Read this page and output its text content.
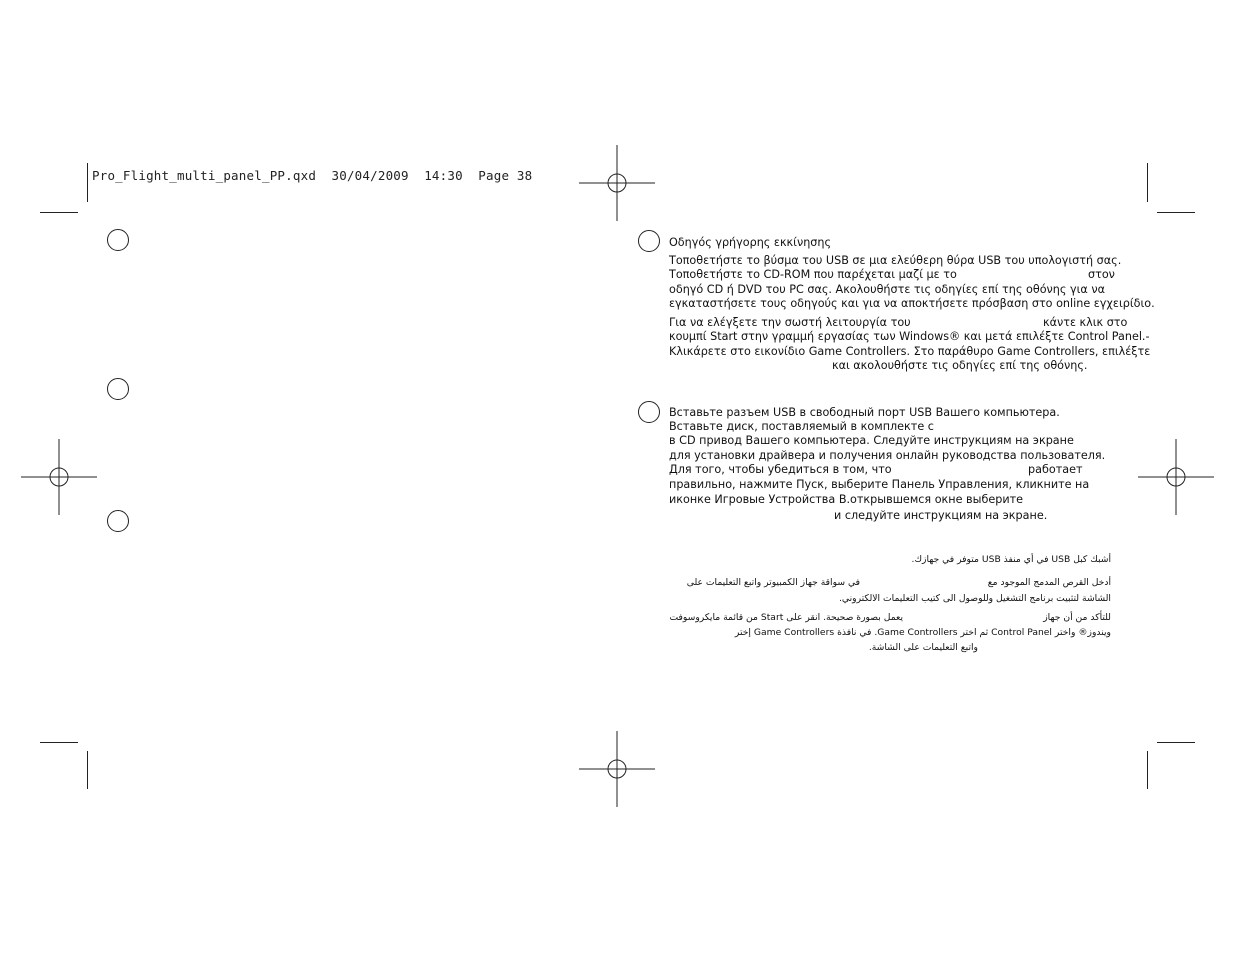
Pro_Flight_multi_panel_PP.qxd  30/04/2009  14:30  Page 38
Οδηγός γρήγορης εκκίνησης
Τοποθετήστε το βύσμα του USB σε μια ελεύθερη θύρα USB του υπολογιστή σας.
Τοποθετήστε το CD-ROM που παρέχεται μαζί με το	στον
οδηγό CD ή DVD του PC σας. Ακολουθήστε τις οδηγίες επί της οθόνης για να
εγκαταστήσετε τους οδηγούς και για να αποκτήσετε πρόσβαση στο online εγχειρίδιο.
Για να ελέγξετε την σωστή λειτουργία του	κάντε κλικ στο
κουμπί Start στην γραμμή εργασίας των Windows® και μετά επιλέξτε Control Panel.-
Κλικάρετε στο εικονίδιο Game Controllers. Στο παράθυρο Game Controllers, επιλέξτε
και ακολουθήστε τις οδηγίες επί της οθόνης.
Вставьте разъем USB в свободный порт USB Вашего компьютера.
Вставьте диск, поставляемый в комплекте с
в CD привод Вашего компьютера. Следуйте инструкциям на экране
для установки драйвера и получения онлайн руководства пользователя.
Для того, чтобы убедиться в том, что	работает
правильно, нажмите Пуск, выберите Панель Управления, кликните на
иконке Игровые Устройства В.открывшемся окне выберите
и следуйте инструкциям на экране.
أشبك كبل USB في أي منفذ USB متوفر في جهازك.
أدخل القرص المدمج الموجود مع
في سواقة جهاز الكمبيوتر واتبع التعليمات على
الشاشة لتثبيت برنامج التشغيل وللوصول الى كتيب التعليمات الالكتروني.
للتأكد من أن جهاز
يعمل بصورة صحيحة. انقر على Start من قائمة مايكروسوفت
ويندوز® واختر Control Panel ثم اختر Game Controllers. في نافذة Game Controllers إختر
واتبع التعليمات على الشاشة.
